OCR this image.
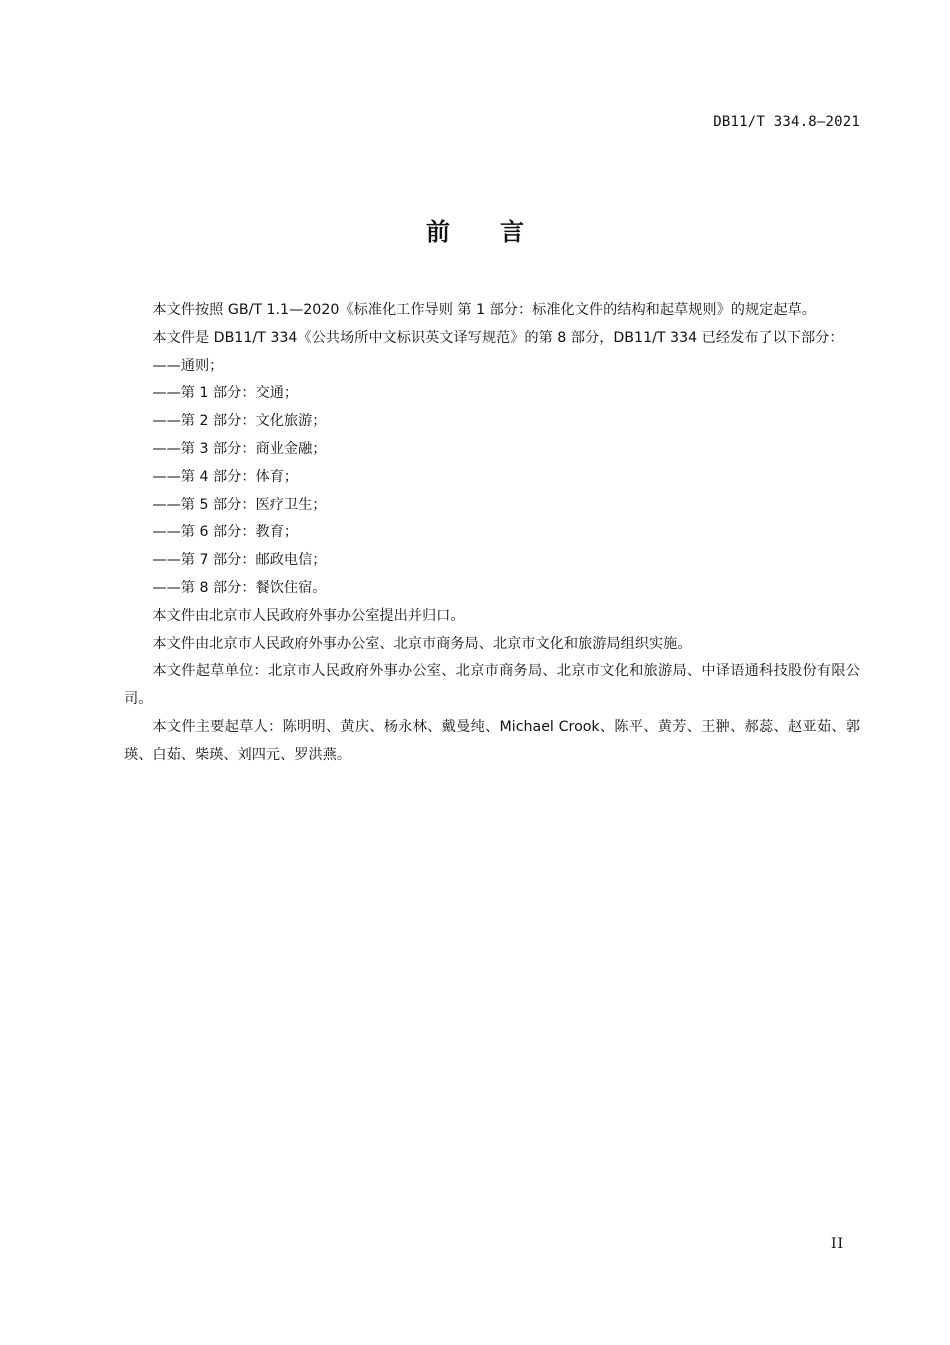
DB11/T 334.8—2021
前言

本文件按照 GB/T 1.1—2020《标准化工作导则 第 1 部分：标准化文件的结构和起草规则》的规定起草。

本文件是 DB11/T 334《公共场所中文标识英文译写规范》的第 8 部分，DB11/T 334 已经发布了以下部分：

——通则；

——第 1 部分：交通；

——第 2 部分：文化旅游；

——第 3 部分：商业金融；

——第 4 部分：体育；

——第 5 部分：医疗卫生；

——第 6 部分：教育；

——第 7 部分：邮政电信；

——第 8 部分：餐饮住宿。

本文件由北京市人民政府外事办公室提出并归口。

本文件由北京市人民政府外事办公室、北京市商务局、北京市文化和旅游局组织实施。

本文件起草单位：北京市人民政府外事办公室、北京市商务局、北京市文化和旅游局、中译语通科技股份有限公司。

本文件主要起草人：陈明明、黄庆、杨永林、戴曼纯、Michael Crook、陈平、黄芳、王翀、郝蕊、赵亚茹、郭瑛、白茹、柴瑛、刘四元、罗洪燕。

II
